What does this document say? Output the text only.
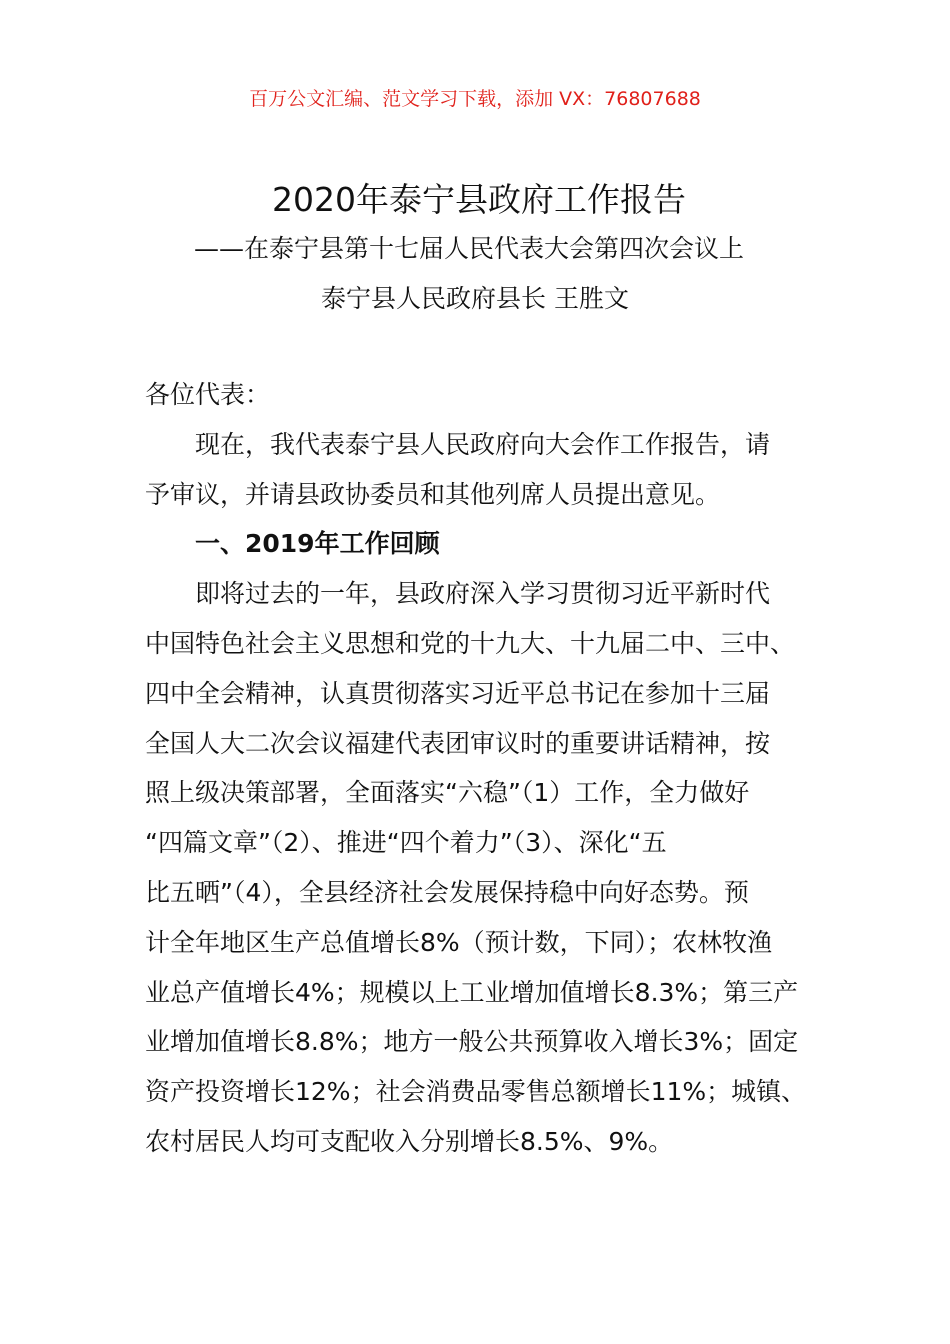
百万公文汇编、范文学习下载，添加 VX：76807688
2020年泰宁县政府工作报告
——在泰宁县第十七届人民代表大会第四次会议上
泰宁县人民政府县长 王胜文
各位代表：
现在，我代表泰宁县人民政府向大会作工作报告，请
予审议，并请县政协委员和其他列席人员提出意见。
一、2019年工作回顾
即将过去的一年，县政府深入学习贯彻习近平新时代
中国特色社会主义思想和党的十九大、十九届二中、三中、
四中全会精神，认真贯彻落实习近平总书记在参加十三届
全国人大二次会议福建代表团审议时的重要讲话精神，按
照上级决策部署，全面落实“六稳”（1）工作，全力做好
“四篇文章”（2）、推进“四个着力”（3）、深化“五
比五晒”（4），全县经济社会发展保持稳中向好态势。预
计全年地区生产总值增长8%（预计数，下同）；农林牧渔
业总产值增长4%；规模以上工业增加值增长8.3%；第三产
业增加值增长8.8%；地方一般公共预算收入增长3%；固定
资产投资增长12%；社会消费品零售总额增长11%；城镇、
农村居民人均可支配收入分别增长8.5%、9%。
